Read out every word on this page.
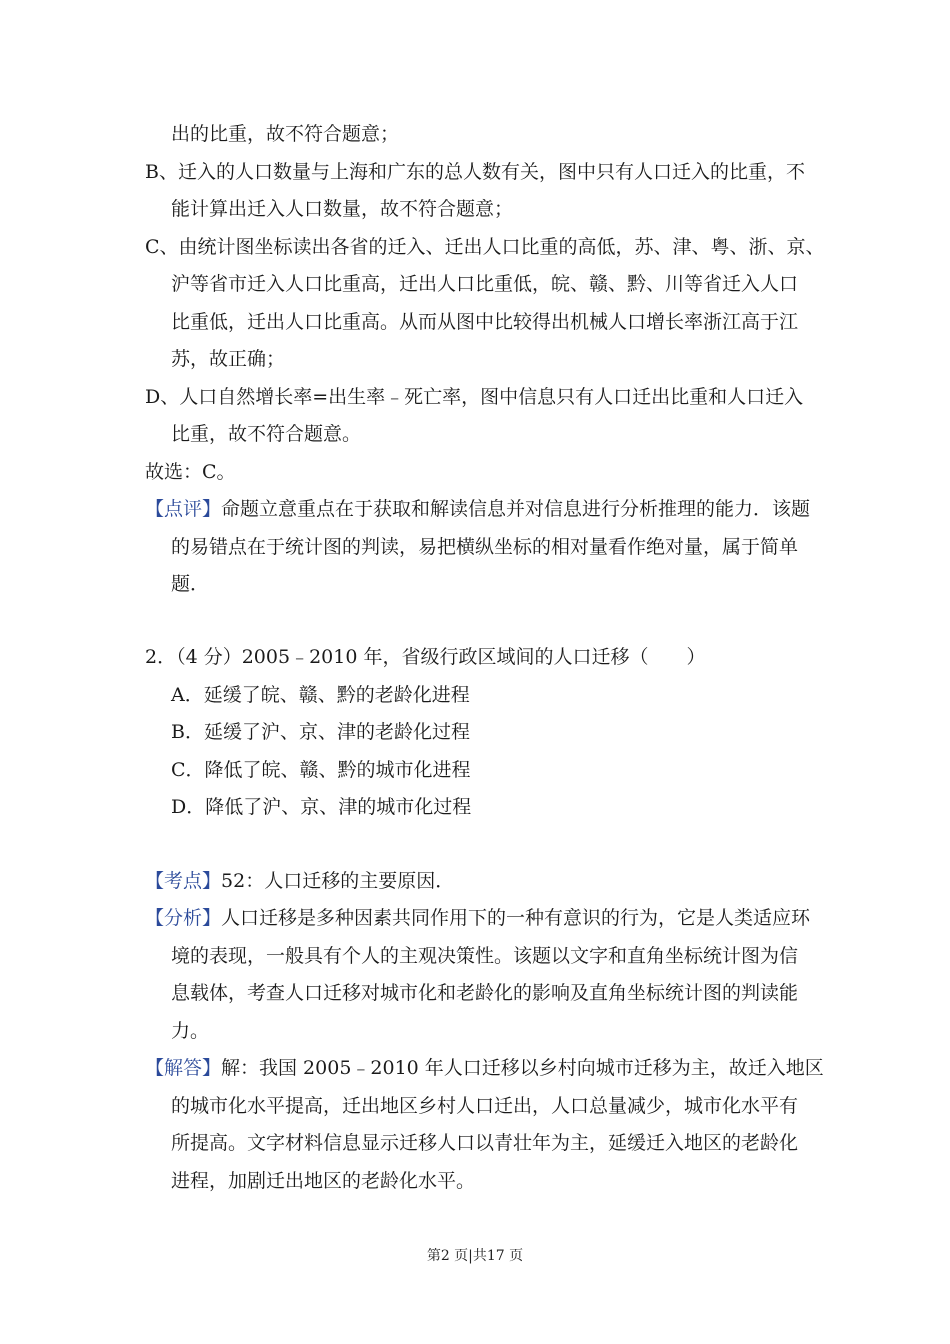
出的比重，故不符合题意；
B、迁入的人口数量与上海和广东的总人数有关，图中只有人口迁入的比重，不
能计算出迁入人口数量，故不符合题意；
C、由统计图坐标读出各省的迁入、迁出人口比重的高低，苏、津、粤、浙、京、
沪等省市迁入人口比重高，迁出人口比重低，皖、赣、黔、川等省迁入人口
比重低，迁出人口比重高。从而从图中比较得出机械人口增长率浙江高于江
苏，故正确；
D、人口自然增长率=出生率﹣死亡率，图中信息只有人口迁出比重和人口迁入
比重，故不符合题意。
故选：C。
【点评】命题立意重点在于获取和解读信息并对信息进行分析推理的能力．该题
的易错点在于统计图的判读，易把横纵坐标的相对量看作绝对量，属于简单
题．
2．（4 分）2005﹣2010 年，省级行政区域间的人口迁移（　　）
A．延缓了皖、赣、黔的老龄化进程
B．延缓了沪、京、津的老龄化过程
C．降低了皖、赣、黔的城市化进程
D．降低了沪、京、津的城市化过程
【考点】52：人口迁移的主要原因．
【分析】人口迁移是多种因素共同作用下的一种有意识的行为，它是人类适应环
境的表现，一般具有个人的主观决策性。该题以文字和直角坐标统计图为信
息载体，考查人口迁移对城市化和老龄化的影响及直角坐标统计图的判读能
力。
【解答】解：我国 2005﹣2010 年人口迁移以乡村向城市迁移为主，故迁入地区
的城市化水平提高，迁出地区乡村人口迁出，人口总量减少，城市化水平有
所提高。文字材料信息显示迁移人口以青壮年为主，延缓迁入地区的老龄化
进程，加剧迁出地区的老龄化水平。
第2 页|共17 页
